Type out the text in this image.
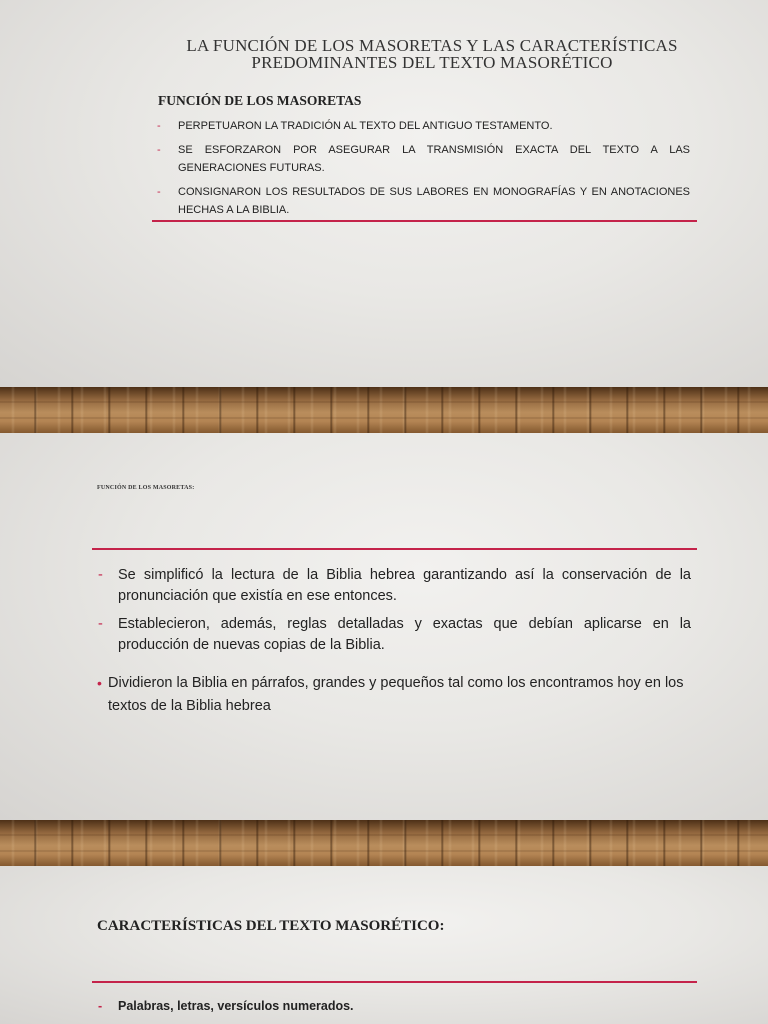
LA FUNCIÓN DE LOS MASORETAS Y LAS CARACTERÍSTICAS
PREDOMINANTES DEL TEXTO MASORÉTICO
FUNCIÓN DE LOS MASORETAS
-	PERPETUARON LA TRADICIÓN AL TEXTO DEL ANTIGUO TESTAMENTO.
-	SE ESFORZARON POR ASEGURAR LA TRANSMISIÓN EXACTA DEL TEXTO A LAS GENERACIONES FUTURAS.
-	CONSIGNARON LOS RESULTADOS DE SUS LABORES EN MONOGRAFÍAS Y EN ANOTACIONES HECHAS A LA BIBLIA.
FUNCIÓN DE LOS MASORETAS:
-	Se simplificó la lectura de la Biblia hebrea garantizando así la conservación de la pronunciación que existía en ese entonces.
-	Establecieron, además, reglas detalladas y exactas que debían aplicarse en la producción de nuevas copias de la Biblia.
• Dividieron la Biblia en párrafos, grandes y pequeños tal como los encontramos hoy en los textos de la Biblia hebrea
CARACTERÍSTICAS DEL TEXTO MASORÉTICO:
-	Palabras, letras, versículos numerados.
